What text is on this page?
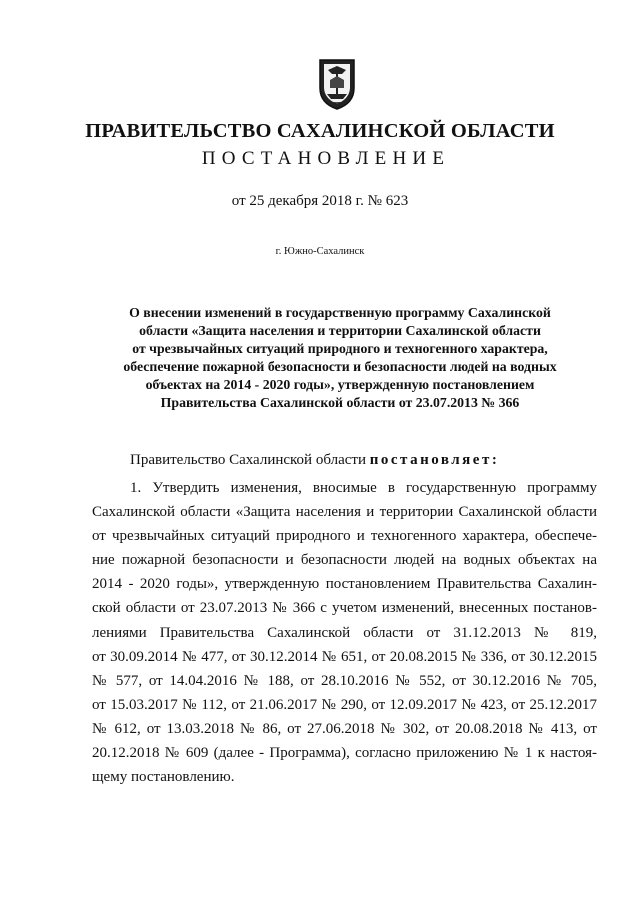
ПРАВИТЕЛЬСТВО САХАЛИНСКОЙ ОБЛАСТИ
ПОСТАНОВЛЕНИЕ
от 25 декабря 2018 г. № 623
г. Южно-Сахалинск
О внесении изменений в государственную программу Сахалинской
области «Защита населения и территории Сахалинской области
от чрезвычайных ситуаций природного и техногенного характера,
обеспечение пожарной безопасности и безопасности людей на водных
объектах на 2014 - 2020 годы», утвержденную постановлением
Правительства Сахалинской области от 23.07.2013 № 366
Правительство Сахалинской области постановляет:
1. Утвердить изменения, вносимые в государственную программу
Сахалинской области «Защита населения и территории Сахалинской области
от чрезвычайных ситуаций природного и техногенного характера, обеспече-
ние пожарной безопасности и безопасности людей на водных объектах на
2014 - 2020 годы», утвержденную постановлением Правительства Сахалин-
ской области от 23.07.2013 № 366 с учетом изменений, внесенных постанов-
лениями Правительства Сахалинской области от 31.12.2013 № 819,
от 30.09.2014 № 477, от 30.12.2014 № 651, от 20.08.2015 № 336, от 30.12.2015
№ 577, от 14.04.2016 № 188, от 28.10.2016 № 552, от 30.12.2016 № 705,
от 15.03.2017 № 112, от 21.06.2017 № 290, от 12.09.2017 № 423, от 25.12.2017
№ 612, от 13.03.2018 № 86, от 27.06.2018 № 302, от 20.08.2018 № 413, от
20.12.2018 № 609 (далее - Программа), согласно приложению № 1 к настоя-
щему постановлению.
